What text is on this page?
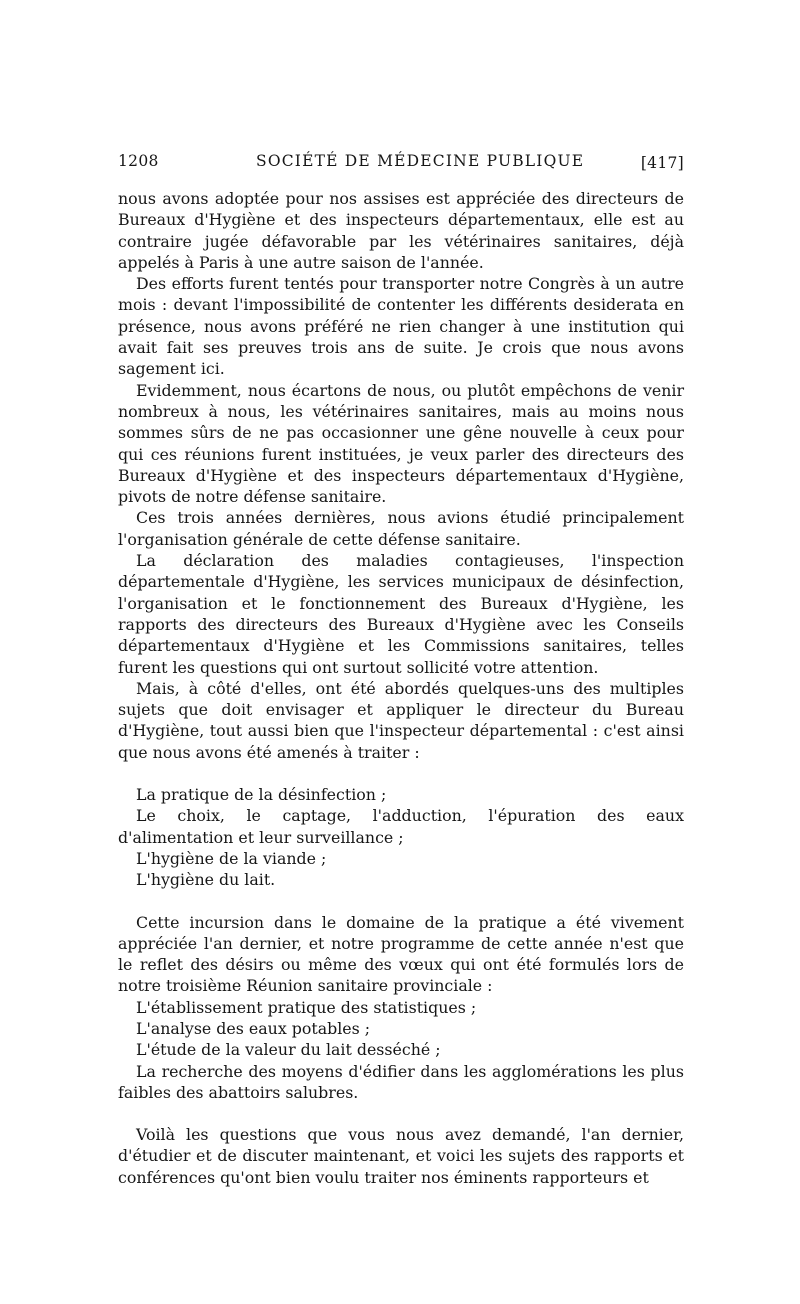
1208	SOCIÉTÉ DE MÉDECINE PUBLIQUE	[417]

nous avons adoptée pour nos assises est appréciée des directeurs de Bureaux d'Hygiène et des inspecteurs départementaux, elle est au contraire jugée défavorable par les vétérinaires sanitaires, déjà appelés à Paris à une autre saison de l'année.

Des efforts furent tentés pour transporter notre Congrès à un autre mois : devant l'impossibilité de contenter les différents desiderata en présence, nous avons préféré ne rien changer à une institution qui avait fait ses preuves trois ans de suite. Je crois que nous avons sagement ici.

Evidemment, nous écartons de nous, ou plutôt empêchons de venir nombreux à nous, les vétérinaires sanitaires, mais au moins nous sommes sûrs de ne pas occasionner une gêne nouvelle à ceux pour qui ces réunions furent instituées, je veux parler des directeurs des Bureaux d'Hygiène et des inspecteurs départementaux d'Hygiène, pivots de notre défense sanitaire.

Ces trois années dernières, nous avions étudié principalement l'organisation générale de cette défense sanitaire.

La déclaration des maladies contagieuses, l'inspection départementale d'Hygiène, les services municipaux de désinfection, l'organisation et le fonctionnement des Bureaux d'Hygiène, les rapports des directeurs des Bureaux d'Hygiène avec les Conseils départementaux d'Hygiène et les Commissions sanitaires, telles furent les questions qui ont surtout sollicité votre attention.

Mais, à côté d'elles, ont été abordés quelques-uns des multiples sujets que doit envisager et appliquer le directeur du Bureau d'Hygiène, tout aussi bien que l'inspecteur départemental : c'est ainsi que nous avons été amenés à traiter :

La pratique de la désinfection ;
Le choix, le captage, l'adduction, l'épuration des eaux d'alimentation et leur surveillance ;
L'hygiène de la viande ;
L'hygiène du lait.

Cette incursion dans le domaine de la pratique a été vivement appréciée l'an dernier, et notre programme de cette année n'est que le reflet des désirs ou même des vœux qui ont été formulés lors de notre troisième Réunion sanitaire provinciale :

L'établissement pratique des statistiques ;
L'analyse des eaux potables ;
L'étude de la valeur du lait desséché ;
La recherche des moyens d'édifier dans les agglomérations les plus faibles des abattoirs salubres.

Voilà les questions que vous nous avez demandé, l'an dernier, d'étudier et de discuter maintenant, et voici les sujets des rapports et conférences qu'ont bien voulu traiter nos éminents rapporteurs et
